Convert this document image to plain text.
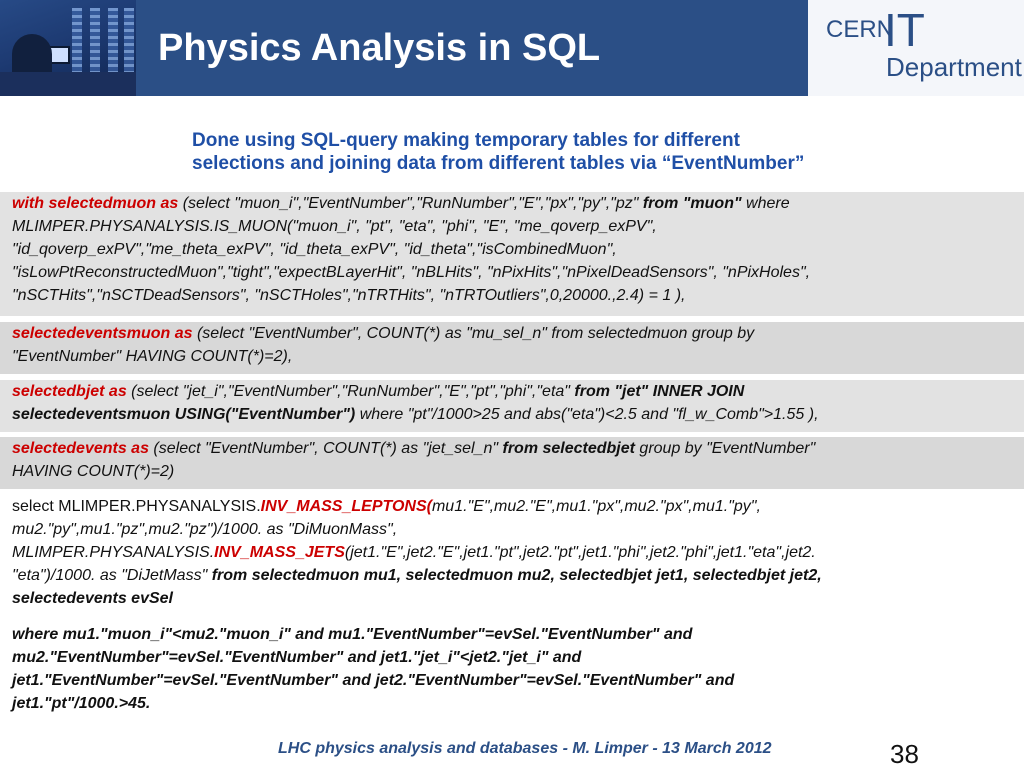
Physics Analysis in SQL	CERN
IT
Department

Done using SQL-query making temporary tables for different
selections and joining data from different tables via “EventNumber”

with selectedmuon as (select "muon_i","EventNumber","RunNumber","E","px","py","pz" from "muon" where
MLIMPER.PHYSANALYSIS.IS_MUON("muon_i", "pt", "eta", "phi", "E", "me_qoverp_exPV",
"id_qoverp_exPV","me_theta_exPV", "id_theta_exPV", "id_theta","isCombinedMuon",
"isLowPtReconstructedMuon","tight","expectBLayerHit", "nBLHits", "nPixHits","nPixelDeadSensors", "nPixHoles",
"nSCTHits","nSCTDeadSensors", "nSCTHoles","nTRTHits", "nTRTOutliers",0,20000.,2.4) = 1 ),
selectedeventsmuon as (select "EventNumber", COUNT(*) as "mu_sel_n" from selectedmuon group by
"EventNumber" HAVING COUNT(*)=2),
selectedbjet as (select "jet_i","EventNumber","RunNumber","E","pt","phi","eta" from "jet" INNER JOIN
selectedeventsmuon USING("EventNumber") where "pt"/1000>25 and abs("eta")<2.5 and "fl_w_Comb">1.55 ),
selectedevents as (select "EventNumber", COUNT(*) as "jet_sel_n" from selectedbjet group by "EventNumber"
HAVING COUNT(*)=2)
select MLIMPER.PHYSANALYSIS.INV_MASS_LEPTONS(mu1."E",mu2."E",mu1."px",mu2."px",mu1."py",
mu2."py",mu1."pz",mu2."pz")/1000. as "DiMuonMass",
MLIMPER.PHYSANALYSIS.INV_MASS_JETS(jet1."E",jet2."E",jet1."pt",jet2."pt",jet1."phi",jet2."phi",jet1."eta",jet2.
"eta")/1000. as "DiJetMass" from selectedmuon mu1, selectedmuon mu2, selectedbjet jet1, selectedbjet jet2,
selectedevents evSel
where mu1."muon_i"<mu2."muon_i" and mu1."EventNumber"=evSel."EventNumber" and
mu2."EventNumber"=evSel."EventNumber" and jet1."jet_i"<jet2."jet_i" and
jet1."EventNumber"=evSel."EventNumber" and jet2."EventNumber"=evSel."EventNumber" and
jet1."pt"/1000.>45.

LHC physics analysis and databases - M. Limper - 13 March 2012	38
